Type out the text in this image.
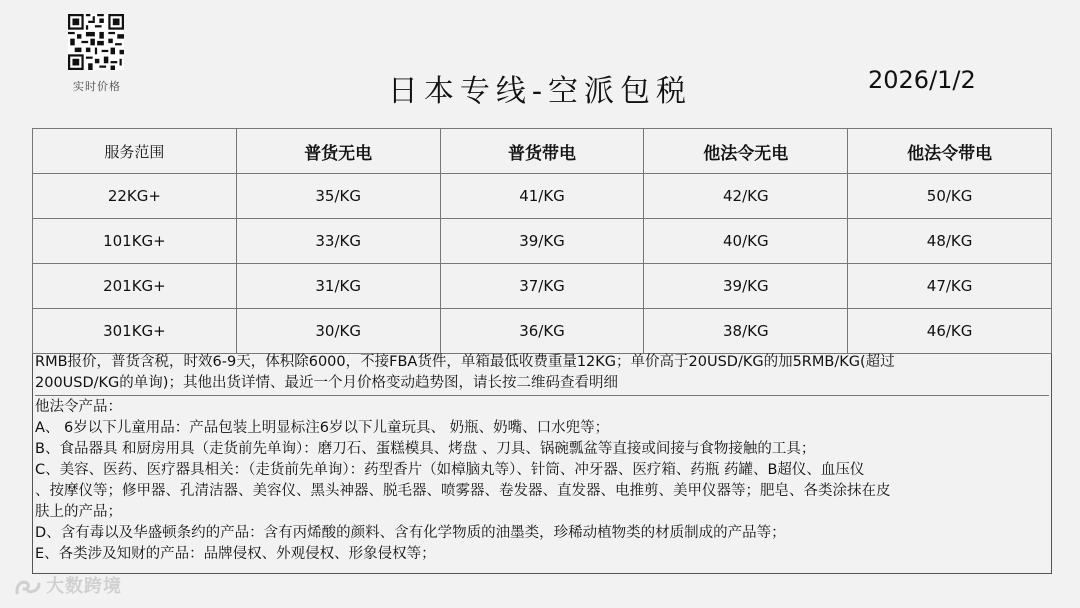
实时价格	日本专线-空派包税	2026/1/2
服务范围	普货无电	普货带电	他法令无电	他法令带电
22KG+	35/KG	41/KG	42/KG	50/KG
101KG+	33/KG	39/KG	40/KG	48/KG
201KG+	31/KG	37/KG	39/KG	47/KG
301KG+	30/KG	36/KG	38/KG	46/KG

RMB报价，普货含税，时效6-9天，体积除6000，不接FBA货件，单箱最低收费重量12KG；单价高于20USD/KG的加5RMB/KG(超过

200USD/KG的单询)；其他出货详情、最近一个月价格变动趋势图，请长按二维码查看明细

他法令产品：

A、 6岁以下儿童用品：产品包装上明显标注6岁以下儿童玩具、 奶瓶、奶嘴、口水兜等；

B、食品器具 和厨房用具（走货前先单询）：磨刀石、蛋糕模具、烤盘 、刀具、锅碗瓢盆等直接或间接与食物接触的工具；

C、美容、医药、医疗器具相关：（走货前先单询）：药型香片（如樟脑丸等）、针筒、冲牙器、医疗箱、药瓶 药罐、B超仪、血压仪

、按摩仪等；修甲器、孔清洁器、美容仪、黑头神器、脱毛器、喷雾器、卷发器、直发器、电推剪、美甲仪器等；肥皂、各类涂抹在皮

肤上的产品；

D、含有毒以及华盛顿条约的产品：含有丙烯酸的颜料、含有化学物质的油墨类，珍稀动植物类的材质制成的产品等；

E、各类涉及知财的产品：品牌侵权、外观侵权、形象侵权等；

大数跨境
